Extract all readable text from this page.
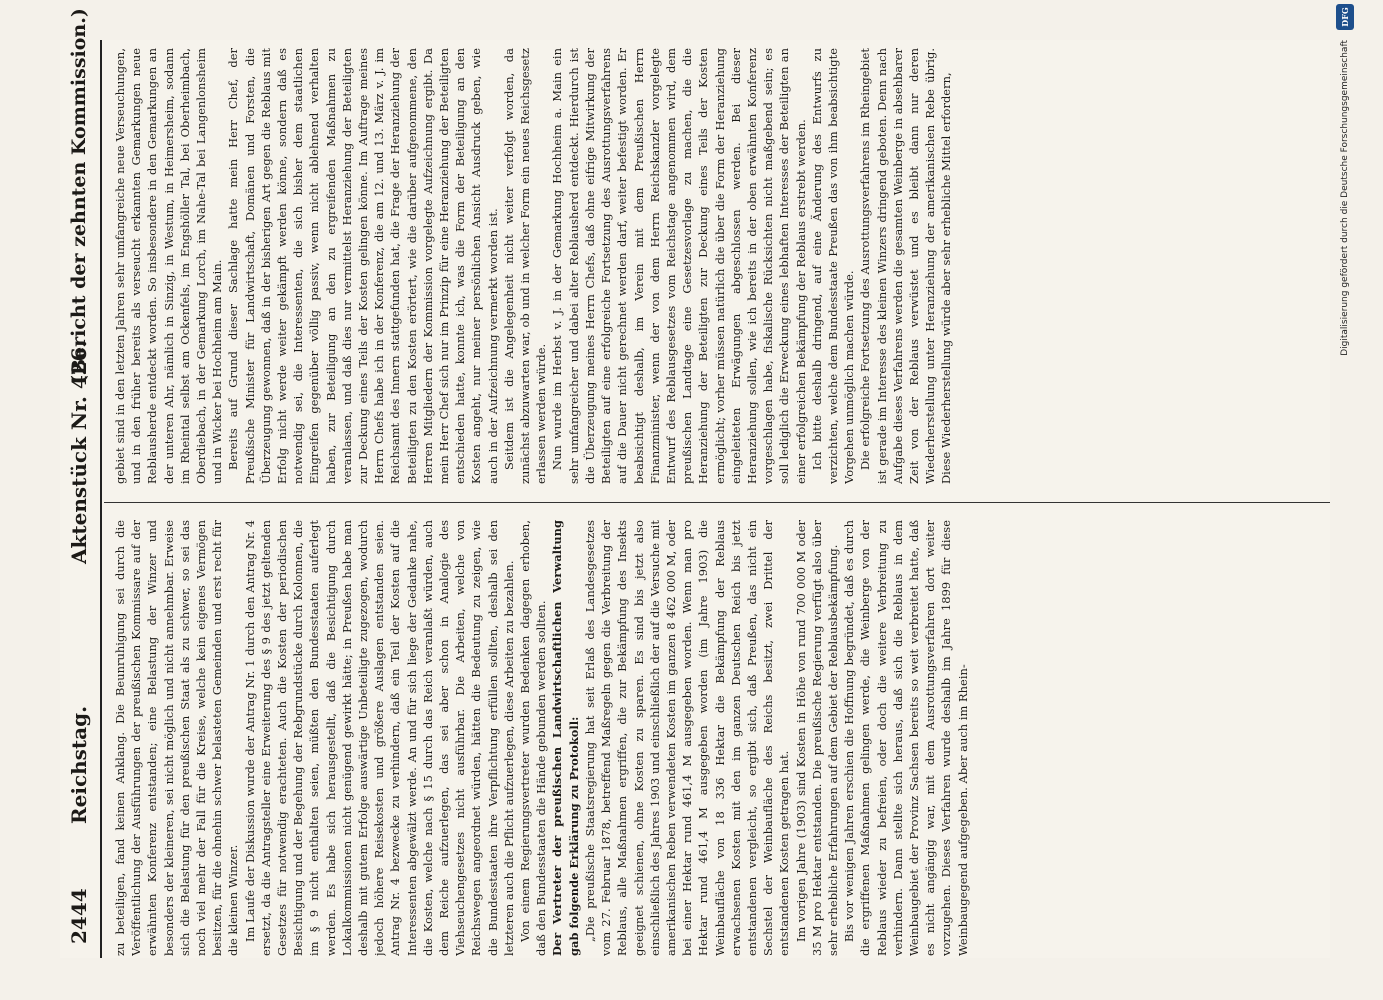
2444
Reichstag.
Aktenstück Nr. 426.
(Bericht der zehnten Kommission.)

zu beteiligen, fand keinen Anklang. Die Beunruhigung sei durch die Veröffentlichung der Ausführungen der preußischen Kommissare auf der erwähnten Konferenz entstanden; eine Belastung der Winzer und besonders der kleineren, sei nicht möglich und nicht annehmbar. Erweise sich die Belastung für den preußischen Staat als zu schwer, so sei das noch viel mehr der Fall für die Kreise, welche kein eigenes Vermögen besitzen, für die ohnehin schwer belasteten Gemeinden und erst recht für die kleinen Winzer. Im Laufe der Diskussion wurde der Antrag Nr. 1 durch den Antrag Nr. 4 ersetzt, da die Antragsteller eine Erweiterung des § 9 des jetzt geltenden Gesetzes für notwendig erachteten. Auch die Kosten der periodischen Besichtigung und der Begehung der Rebgrundstücke durch Kolonnen, die im § 9 nicht enthalten seien, müßten den Bundesstaaten auferlegt werden. Es habe sich herausgestellt, daß die Besichtigung durch Lokalkommissionen nicht genügend gewirkt hätte; in Preußen habe man deshalb mit gutem Erfolge auswärtige Unbeteiligte zugezogen, wodurch jedoch höhere Reisekosten und größere Auslagen entstanden seien. Antrag Nr. 4 bezwecke zu verhindern, daß ein Teil der Kosten auf die Interessenten abgewälzt werde. An und für sich liege der Gedanke nahe, die Kosten, welche nach § 15 durch das Reich veranlaßt würden, auch dem Reiche aufzuerlegen, das sei aber schon in Analogie des Viehseuchengesetzes nicht ausführbar. Die Arbeiten, welche von Reichswegen angeordnet würden, hätten die Bedeutung zu zeigen, wie die Bundesstaaten ihre Verpflichtung erfüllen sollten, deshalb sei den letzteren auch die Pflicht aufzuerlegen, diese Arbeiten zu bezahlen. Von einem Regierungsvertreter wurden Bedenken dagegen erhoben, daß den Bundesstaaten die Hände gebunden werden sollten. Der Vertreter der preußischen Landwirtschaftlichen Verwaltung gab folgende Erklärung zu Protokoll: „Die preußische Staatsregierung hat seit Erlaß des Landesgesetzes vom 27. Februar 1878, betreffend Maßregeln gegen die Verbreitung der Reblaus, alle Maßnahmen ergriffen, die zur Bekämpfung des Insekts geeignet schienen, ohne Kosten zu sparen. Es sind bis jetzt also einschließlich des Jahres 1903 und einschließlich der auf die Versuche mit amerikanischen Reben verwendeten Kosten im ganzen 8 462 000 M, oder bei einer Hektar rund 461,4 M ausgegeben worden. Wenn man pro Hektar rund 461,4 M ausgegeben worden (im Jahre 1903) die Weinbaufläche von 18 336 Hektar die Bekämpfung der Reblaus erwachsenen Kosten mit den im ganzen Deutschen Reich bis jetzt entstandenen vergleicht, so ergibt sich, daß Preußen, das nicht ein Sechstel der Weinbaufläche des Reichs besitzt, zwei Drittel der entstandenen Kosten getragen hat. Im vorigen Jahre (1903) sind Kosten in Höhe von rund 700 000 M oder 35 M pro Hektar entstanden. Die preußische Regierung verfügt also über sehr erhebliche Erfahrungen auf dem Gebiet der Reblausbekämpfung. Bis vor wenigen Jahren erschien die Hoffnung begründet, daß es durch die ergriffenen Maßnahmen gelingen werde, die Weinberge von der Reblaus wieder zu befreien, oder doch die weitere Verbreitung zu verhindern. Dann stellte sich heraus, daß sich die Reblaus in dem Weinbaugebiet der Provinz Sachsen bereits so weit verbreitet hatte, daß es nicht angängig war, mit dem Ausrottungsverfahren dort weiter vorzugehen. Dieses Verfahren wurde deshalb im Jahre 1899 für diese Weinbaugegend aufgegeben. Aber auch im Rhein-

gebiet sind in den letzten Jahren sehr umfangreiche neue Verseuchungen, und in den früher bereits als verseucht erkannten Gemarkungen neue Reblausherde entdeckt worden. So insbesondere in den Gemarkungen an der unteren Ahr, nämlich in Sinzig, in Westum, in Heimersheim, sodann im Rheintal selbst am Ockenfels, im Engshöller Tal, bei Oberheimbach, Oberdiebach, in der Gemarkung Lorch, im Nahe-Tal bei Langenlonsheim und in Wicker bei Hochheim am Main. Bereits auf Grund dieser Sachlage hatte mein Herr Chef, der Preußische Minister für Landwirtschaft, Domänen und Forsten, die Überzeugung gewonnen, daß in der bisherigen Art gegen die Reblaus mit Erfolg nicht werde weiter gekämpft werden könne, sondern daß es notwendig sei, die Interessenten, die sich bisher dem staatlichen Eingreifen gegenüber völlig passiv, wenn nicht ablehnend verhalten haben, zur Beteiligung an den zu ergreifenden Maßnahmen zu veranlassen, und daß dies nur vermittelst Heranziehung der Beteiligten zur Deckung eines Teils der Kosten gelingen könne. Im Auftrage meines Herrn Chefs habe ich in der Konferenz, die am 12. und 13. März v. J. im Reichsamt des Innern stattgefunden hat, die Frage der Heranziehung der Beteiligten zu den Kosten erörtert, wie die darüber aufgenommene, den Herren Mitgliedern der Kommission vorgelegte Aufzeichnung ergibt. Da mein Herr Chef sich nur im Prinzip für eine Heranziehung der Beteiligten entschieden hatte, konnte ich, was die Form der Beteiligung an den Kosten angeht, nur meiner persönlichen Ansicht Ausdruck geben, wie auch in der Aufzeichnung vermerkt worden ist. Seitdem ist die Angelegenheit nicht weiter verfolgt worden, da zunächst abzuwarten war, ob und in welcher Form ein neues Reichsgesetz erlassen werden würde. Nun wurde im Herbst v. J. in der Gemarkung Hochheim a. Main ein sehr umfangreicher und dabei alter Reblausherd entdeckt. Hierdurch ist die Überzeugung meines Herrn Chefs, daß ohne eifrige Mitwirkung der Beteiligten auf eine erfolgreiche Fortsetzung des Ausrottungsverfahrens auf die Dauer nicht gerechnet werden darf, weiter befestigt worden. Er beabsichtigt deshalb, im Verein mit dem Preußischen Herrn Finanzminister, wenn der von dem Herrn Reichskanzler vorgelegte Entwurf des Reblausgesetzes vom Reichstage angenommen wird, dem preußischen Landtage eine Gesetzesvorlage zu machen, die die Heranziehung der Beteiligten zur Deckung eines Teils der Kosten ermöglicht; vorher müssen natürlich die über die Form der Heranziehung eingeleiteten Erwägungen abgeschlossen werden. Bei dieser Heranziehung sollen, wie ich bereits in der oben erwähnten Konferenz vorgeschlagen habe, fiskalische Rücksichten nicht maßgebend sein; es soll lediglich die Erweckung eines lebhaften Interesses der Beteiligten an einer erfolgreichen Bekämpfung der Reblaus erstrebt werden. Ich bitte deshalb dringend, auf eine Änderung des Entwurfs zu verzichten, welche dem Bundesstaate Preußen das von ihm beabsichtigte Vorgehen unmöglich machen würde. Die erfolgreiche Fortsetzung des Ausrottungsverfahrens im Rheingebiet ist gerade im Interesse des kleinen Winzers dringend geboten. Denn nach Aufgabe dieses Verfahrens werden die gesamten Weinberge in absehbarer Zeit von der Reblaus verwüstet und es bleibt dann nur deren Wiederherstellung unter Heranziehung der amerikanischen Rebe übrig. Diese Wiederherstellung würde aber sehr erhebliche Mittel erfordern,	Digitalisierung gefördert durch die Deutsche Forschungsgemeinschaft
DFG
